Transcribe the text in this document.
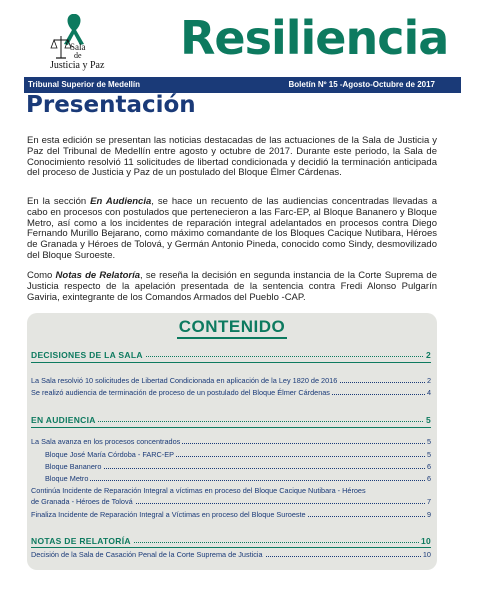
Sala
de
Justicia y Paz
Resiliencia
Tribunal Superior de Medellín	Boletín Nº 15 -Agosto-Octubre de 2017
Presentación
En esta edición se presentan las noticias destacadas de las actuaciones de la Sala de Justicia y Paz del Tribunal de Medellín entre agosto y octubre de 2017. Durante este periodo, la Sala de Conocimiento resolvió 11 solicitudes de libertad condicionada y decidió la terminación anticipada del proceso de Justicia y Paz de un postulado del Bloque Élmer Cárdenas.
En la sección En Audiencia, se hace un recuento de las audiencias concentradas llevadas a cabo en procesos con postulados que pertenecieron a las Farc-EP, al Bloque Bananero y Bloque Metro, así como a los incidentes de reparación integral adelantados en procesos contra Diego Fernando Murillo Bejarano, como máximo comandante de los Bloques Cacique Nutibara, Héroes de Granada y Héroes de Tolová, y Germán Antonio Pineda, conocido como Sindy, desmovilizado del Bloque Suroeste.
Como Notas de Relatoría, se reseña la decisión en segunda instancia de la Corte Suprema de Justicia respecto de la apelación presentada de la sentencia contra Fredi Alonso Pulgarín Gaviria, exintegrante de los Comandos Armados del Pueblo -CAP.
CONTENIDO
DECISIONES DE LA SALA	2
La Sala resolvió 10 solicitudes de Libertad Condicionada en aplicación de la Ley 1820 de 2016	2
Se realizó audiencia de terminación de proceso de un postulado del Bloque Élmer Cárdenas	4
EN AUDIENCIA	5
La Sala avanza en los procesos concentrados	5
Bloque José María Córdoba - FARC-EP	5
Bloque Bananero	6
Bloque Metro	6
Continúa Incidente de Reparación Integral a víctimas en proceso del Bloque Cacique Nutibara - Héroes
de Granada - Héroes de Tolová	7
Finaliza Incidente de Reparación Integral a Víctimas en proceso del Bloque Suroeste	9
NOTAS DE RELATORÍA	10
Decisión de la Sala de Casación Penal de la Corte Suprema de Justicia	10
